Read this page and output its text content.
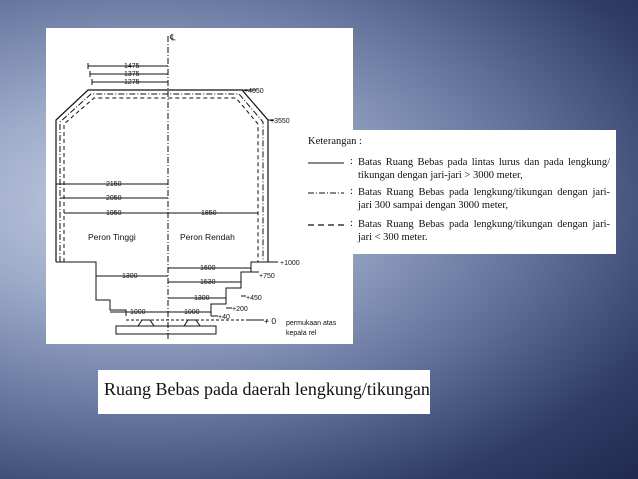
1475
1375
1275
℄
+4050
+3550
2150
2050
1950	1850
Peron Tinggi	Peron Rendah
1300
1600
1530
1300
1000	1000
+1000
+750
+450
+200
+40	+ 0 permukaan atas
kepala rel
Keterangan :
: Batas Ruang Bebas pada lintas lurus dan pada lengkung/ tikungan dengan jari-jari > 3000 meter,
: Batas Ruang Bebas pada lengkung/tikungan dengan jari-jari 300 sampai dengan 3000 meter,
: Batas Ruang Bebas pada lengkung/tikungan dengan jari-jari < 300 meter.
Ruang Bebas pada daerah lengkung/tikungan
